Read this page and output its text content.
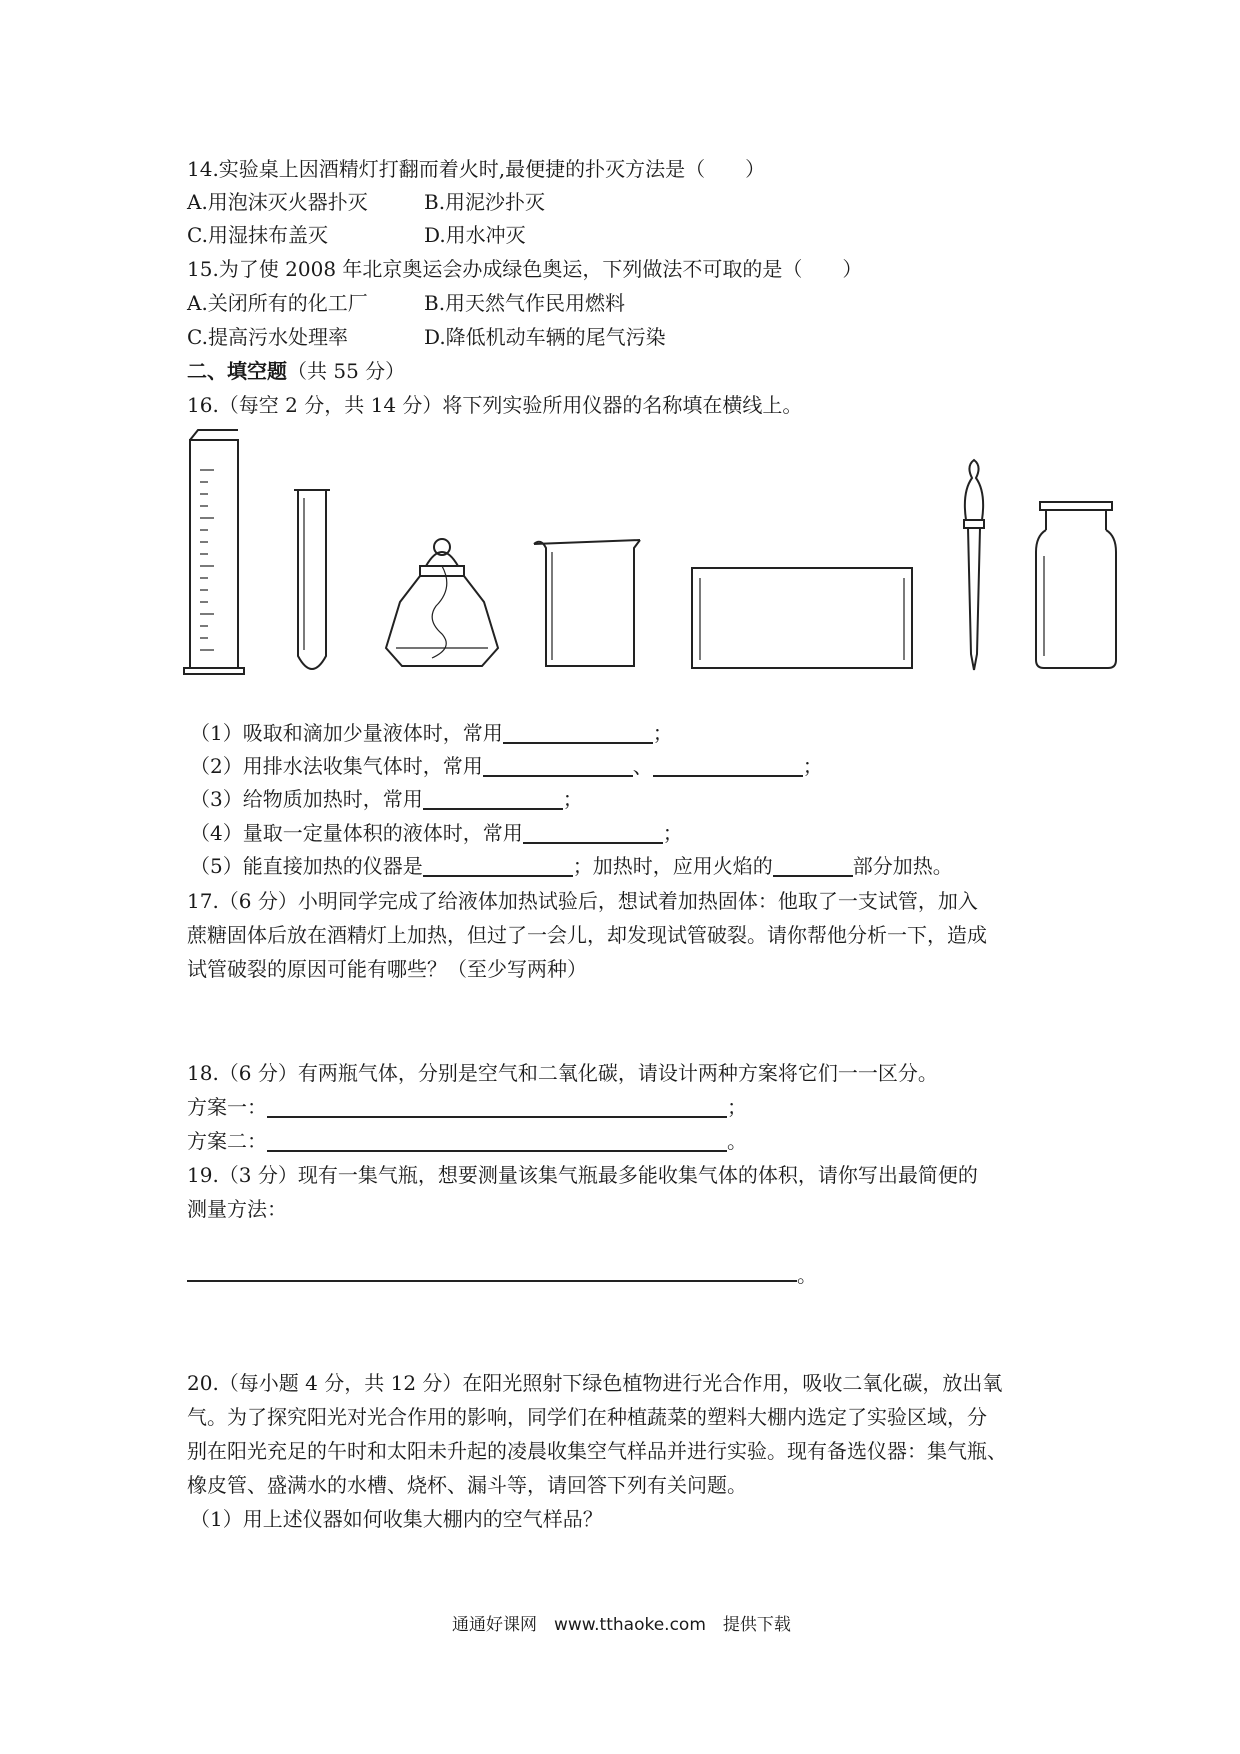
14.实验桌上因酒精灯打翻而着火时,最便捷的扑灭方法是（　　）
A.用泡沫灭火器扑灭	B.用泥沙扑灭
C.用湿抹布盖灭	D.用水冲灭
15.为了使 2008 年北京奥运会办成绿色奥运，下列做法不可取的是（　　）
A.关闭所有的化工厂	B.用天然气作民用燃料
C.提高污水处理率	D.降低机动车辆的尾气污染
二、填空题（共 55 分）
16.（每空 2 分，共 14 分）将下列实验所用仪器的名称填在横线上。
（1）吸取和滴加少量液体时，常用	；
（2）用排水法收集气体时，常用	、	；
（3）给物质加热时，常用	；
（4）量取一定量体积的液体时，常用	；
（5）能直接加热的仪器是	；加热时，应用火焰的	部分加热。
17.（6 分）小明同学完成了给液体加热试验后，想试着加热固体：他取了一支试管，加入
蔗糖固体后放在酒精灯上加热，但过了一会儿，却发现试管破裂。请你帮他分析一下，造成
试管破裂的原因可能有哪些？（至少写两种）
18.（6 分）有两瓶气体，分别是空气和二氧化碳，请设计两种方案将它们一一区分。
方案一：	；
方案二：	。
19.（3 分）现有一集气瓶，想要测量该集气瓶最多能收集气体的体积，请你写出最简便的
测量方法：
。
20.（每小题 4 分，共 12 分）在阳光照射下绿色植物进行光合作用，吸收二氧化碳，放出氧
气。为了探究阳光对光合作用的影响，同学们在种植蔬菜的塑料大棚内选定了实验区域，分
别在阳光充足的午时和太阳未升起的凌晨收集空气样品并进行实验。现有备选仪器：集气瓶、
橡皮管、盛满水的水槽、烧杯、漏斗等，请回答下列有关问题。
（1）用上述仪器如何收集大棚内的空气样品？
通通好课网　www.tthaoke.com　提供下载
